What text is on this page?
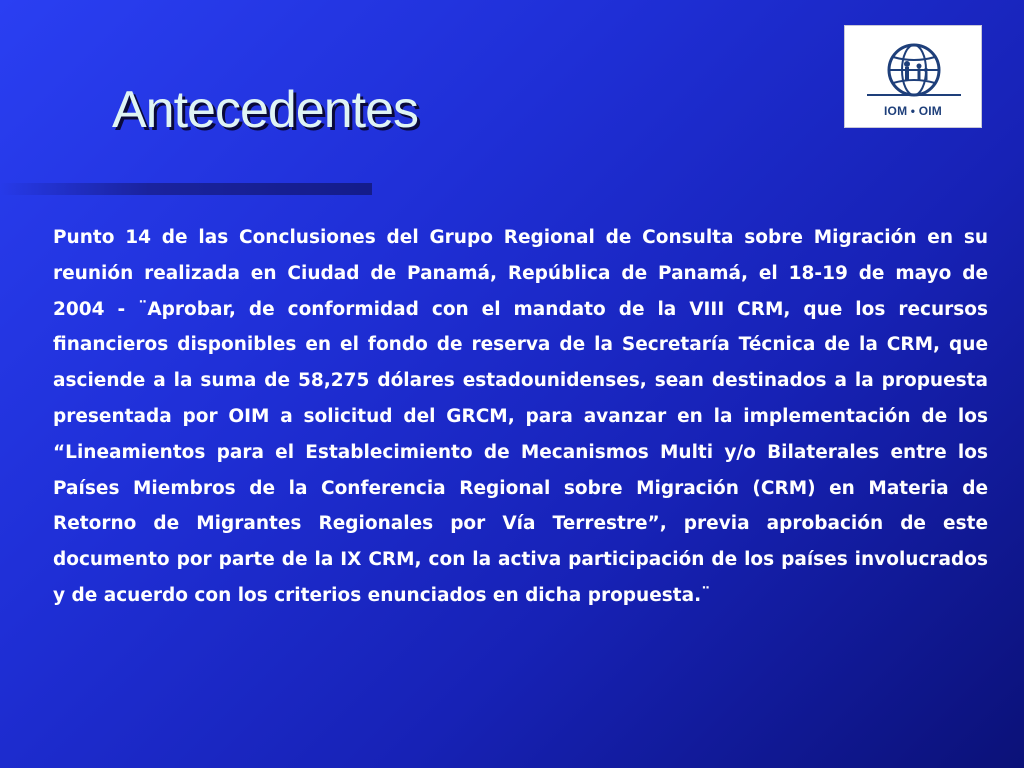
Antecedentes	IOM • OIM

Punto 14 de las Conclusiones del Grupo Regional de Consulta sobre Migración en su reunión realizada en Ciudad de Panamá, República de Panamá, el 18-19 de mayo de 2004 - ¨Aprobar, de conformidad con el mandato de la VIII CRM, que los recursos financieros disponibles en el fondo de reserva de la Secretaría Técnica de la CRM, que asciende a la suma de 58,275 dólares estadounidenses, sean destinados a la propuesta presentada por OIM a solicitud del GRCM, para avanzar en la implementación de los “Lineamientos para el Establecimiento de Mecanismos Multi y/o Bilaterales entre los Países Miembros de la Conferencia Regional sobre Migración (CRM) en Materia de Retorno de Migrantes Regionales por Vía Terrestre”, previa aprobación de este documento por parte de la IX CRM, con la activa participación de los países involucrados y de acuerdo con los criterios enunciados en dicha propuesta.¨
